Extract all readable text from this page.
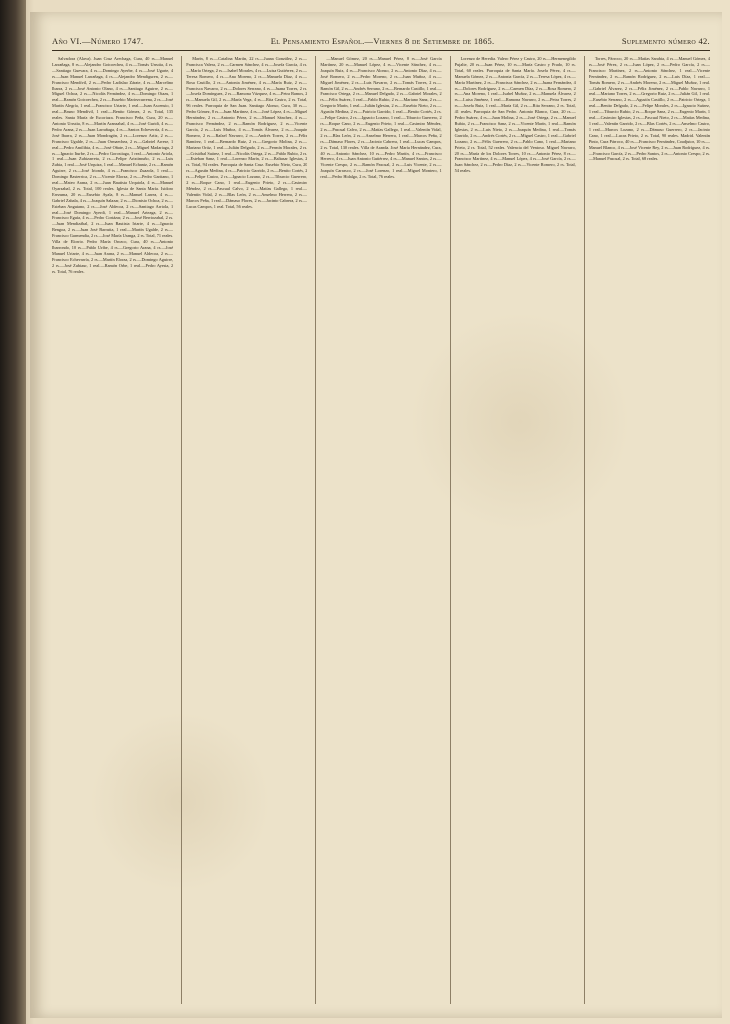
Año VI.—Número 1747.	El Pensamiento Español.—Viernes 8 de Setiembre de 1865.	Suplemento número 42.

Salvadora (Alava). Juan Cruz Arechaga, Cura, 40 rs.—Manuel Larrañaga, 8 rs.—Alejandro Goicoechea, 4 rs.—Tomás Urrutia, 4 rs.—Santiago Guevara, 4 rs.—Domingo Ayerbe, 4 rs.—José Ugarte, 4 rs.—Juan Manuel Larrañaga, 4 rs.—Alejandro Mendiguren, 2 rs.—Francisco Mendívil, 2 rs.—Pedro Ladislao Zárate, 4 rs.—Marcelino Ibarra, 2 rs.—José Antonio Olano, 4 rs.—Santiago Aguirre, 2 rs.—Miguel Ochoa, 2 rs.—Nicolás Fernández, 4 rs.—Domingo Otazu, 1 real.—Ramón Goicoechea, 2 rs.—Eusebio Mariezcurrena, 2 rs.—José Martín Alegría, 1 real.—Francisco Uriarte, 1 real.—Juan Ascensio, 1 real.—Bruno Mendívil, 1 real.—Benito Gómez, 2 rs. Total, 135 reales. Santa María de Escoriaza. Francisco Peña, Cura, 20 rs.—Antonio Urrutia, 8 rs.—Martín Aranzabal, 4 rs.—José Guridi, 4 rs.—Pedro Arana, 2 rs.—Juan Larrañaga, 4 rs.—Santos Echeverría, 4 rs.—José Ibarra, 2 rs.—Juan Mondragón, 2 rs.—Lorenzo Artiz, 2 rs.—Francisco Ugalde, 2 rs.—Juan Ormaechea, 2 rs.—Gabriel Arrese, 1 real.—Pedro Amilibia, 4 rs.—José Oñate, 2 rs.—Miguel Madariaga, 2 rs.—Ignacio Iturbe, 2 rs.—Pedro Gorostiaga, 1 real.—Antonio Artola, 1 real.—Juan Zubizarreta, 2 rs.—Felipe Ariztimuño, 2 rs.—Luis Zubia, 1 real.—José Urquiza, 1 real.—Manuel Echaniz, 2 rs.—Ramón Aguirre, 2 rs.—José Iriondo, 4 rs.—Francisco Zuazola, 1 real.—Domingo Basterrica, 2 rs.—Vicente Elorza, 2 rs.—Pedro Garitano, 1 real.—Mateo Arana, 2 rs.—Juan Bautista Urquiola, 4 rs.—Manuel Oyarzabal, 2 rs. Total, 100 reales. Iglesia de Santa María. Isidoro Erezuma, 20 rs.—Eusebio Ayala, 8 rs.—Manuel Larrea, 4 rs.—Gabriel Zabala, 4 rs.—Joaquín Salazar, 2 rs.—Dionisio Ochoa, 2 rs.—Esteban Anguiano, 2 rs.—José Aldecoa, 2 rs.—Santiago Arriola, 1 real.—José Domingo Ayerdi, 1 real.—Manuel Arteaga, 2 rs.—Francisco Eguía, 4 rs.—Pedro Cortázar, 2 rs.—José Berriozabal, 2 rs.—Juan Mendizábal, 2 rs.—Juan Bautista Iriarte, 4 rs.—Ignacio Bengoa, 2 rs.—Juan José Barrutia, 1 real.—Martín Ugalde, 2 rs.—Francisco Garmendia, 2 rs.—José María Uranga, 2 rs. Total, 71 reales. Villa de Elorrio. Pedro María Orozco, Cura, 40 rs.—Antonio Ibarrondo, 10 rs.—Pablo Uribe, 4 rs.—Gregorio Arana, 4 rs.—José Manuel Uriarte, 4 rs.—Juan Arana, 2 rs.—Manuel Aldecoa, 2 rs.—Francisco Echevarría, 2 rs.—Martín Elorza, 2 rs.—Domingo Aguirre, 2 rs.—José Zubiaur, 1 real.—Ramón Orbe, 1 real.—Pedro Ayesta, 2 rs. Total, 76 reales.

Marín, 8 rs.—Catalina Martín, 22 rs.—Juana González, 2 rs.—Francisca Valera, 2 rs.—Carmen Sánchez, 4 rs.—Josefa García, 4 rs.—María Ortega, 2 rs.—Isabel Morales, 4 rs.—Luisa Gutiérrez, 2 rs.—Teresa Romero, 4 rs.—Ana Moreno, 2 rs.—Manuela Díaz, 4 rs.—Rosa Castillo, 2 rs.—Antonia Jiménez, 4 rs.—María Ruiz, 2 rs.—Francisca Navarro, 2 rs.—Dolores Serrano, 4 rs.—Juana Torres, 2 rs.—Josefa Domínguez, 2 rs.—Ramona Vázquez, 4 rs.—Petra Ramos, 2 rs.—Manuela Gil, 2 rs.—María Vega, 4 rs.—Rita Castro, 2 rs. Total, 96 reales. Parroquia de San Juan. Santiago Alonso, Cura, 30 rs.—Pedro Gómez, 8 rs.—Juan Martínez, 4 rs.—José López, 4 rs.—Miguel Hernández, 2 rs.—Antonio Pérez, 2 rs.—Manuel Sánchez, 4 rs.—Francisco Fernández, 2 rs.—Ramón Rodríguez, 2 rs.—Vicente García, 2 rs.—Luis Muñoz, 4 rs.—Tomás Álvarez, 2 rs.—Joaquín Romero, 2 rs.—Rafael Navarro, 2 rs.—Andrés Torres, 2 rs.—Félix Ramírez, 1 real.—Bernardo Ruiz, 2 rs.—Gregorio Molina, 2 rs.—Mariano Ortiz, 1 real.—Julián Delgado, 2 rs.—Fermín Morales, 2 rs.—Cristóbal Suárez, 1 real.—Nicolás Ortega, 2 rs.—Pablo Rubio, 2 rs.—Esteban Sanz, 1 real.—Lorenzo Marín, 2 rs.—Baltasar Iglesias, 2 rs. Total, 94 reales. Parroquia de Santa Cruz. Eusebio Nieto, Cura, 20 rs.—Agustín Medina, 4 rs.—Patricio Garrido, 2 rs.—Benito Cortés, 2 rs.—Felipe Castro, 2 rs.—Ignacio Lozano, 2 rs.—Tiburcio Guerrero, 2 rs.—Roque Cano, 1 real.—Eugenio Prieto, 2 rs.—Casimiro Méndez, 2 rs.—Pascual Calvo, 2 rs.—Matías Gallego, 1 real.—Valentín Vidal, 2 rs.—Blas León, 2 rs.—Anselmo Herrera, 2 rs.—Marcos Peña, 1 real.—Dámaso Flores, 2 rs.—Jacinto Cabrera, 2 rs.—Lucas Campos, 1 real. Total, 56 reales.

—Manuel Gómez, 20 rs.—Manuel Pérez, 8 rs.—José García Martínez, 20 rs.—Manuel López, 4 rs.—Vicente Sánchez, 4 rs.—Joaquín Ruiz, 4 rs.—Francisco Alonso, 2 rs.—Antonio Díaz, 4 rs.—José Romero, 2 rs.—Pedro Moreno, 2 rs.—Juan Muñoz, 4 rs.—Miguel Jiménez, 2 rs.—Luis Navarro, 2 rs.—Tomás Torres, 2 rs.—Ramón Gil, 2 rs.—Andrés Serrano, 2 rs.—Bernardo Castillo, 1 real.—Francisco Ortega, 2 rs.—Manuel Delgado, 2 rs.—Gabriel Morales, 2 rs.—Félix Suárez, 1 real.—Pablo Rubio, 2 rs.—Mariano Sanz, 2 rs.—Gregorio Marín, 1 real.—Julián Iglesias, 2 rs.—Eusebio Nieto, 2 rs.—Agustín Medina, 2 rs.—Patricio Garrido, 1 real.—Benito Cortés, 2 rs.—Felipe Castro, 2 rs.—Ignacio Lozano, 1 real.—Tiburcio Guerrero, 2 rs.—Roque Cano, 2 rs.—Eugenio Prieto, 1 real.—Casimiro Méndez, 2 rs.—Pascual Calvo, 2 rs.—Matías Gallego, 1 real.—Valentín Vidal, 2 rs.—Blas León, 2 rs.—Anselmo Herrera, 1 real.—Marcos Peña, 2 rs.—Dámaso Flores, 2 rs.—Jacinto Cabrera, 1 real.—Lucas Campos, 2 rs. Total, 130 reales. Villa de Aranda. José María Hernández, Cura, 40 rs.—Antonio Sánchez, 10 rs.—Pedro Martín, 4 rs.—Francisco Herrero, 4 rs.—Juan Antonio Gutiérrez, 4 rs.—Manuel Santos, 2 rs.—Vicente Crespo, 2 rs.—Ramón Pascual, 2 rs.—Luis Vicente, 2 rs.—Joaquín Carrasco, 2 rs.—José Lorenzo, 1 real.—Miguel Montero, 1 real.—Pedro Hidalgo, 2 rs. Total, 76 reales.

Lorenzo de Heredia. Valero Pérez y Castro, 20 rs.—Hermenegildo Pujalte, 20 rs.—Juan Pérez, 10 rs.—María Castro y Prado, 10 rs. Total, 60 reales. Parroquia de Santa María. Josefa Pérez, 4 rs.—Manuela Gómez, 2 rs.—Antonia García, 2 rs.—Teresa López, 4 rs.—María Martínez, 2 rs.—Francisca Sánchez, 2 rs.—Juana Fernández, 4 rs.—Dolores Rodríguez, 2 rs.—Carmen Díaz, 2 rs.—Rosa Romero, 2 rs.—Ana Moreno, 1 real.—Isabel Muñoz, 2 rs.—Manuela Álvarez, 2 rs.—Luisa Jiménez, 1 real.—Ramona Navarro, 2 rs.—Petra Torres, 2 rs.—Josefa Ruiz, 1 real.—María Gil, 2 rs.—Rita Serrano, 2 rs. Total, 41 reales. Parroquia de San Pedro. Antonio Blanco, Cura, 20 rs.—Pedro Suárez, 4 rs.—Juan Molina, 2 rs.—José Ortega, 2 rs.—Manuel Rubio, 2 rs.—Francisco Sanz, 2 rs.—Vicente Marín, 1 real.—Ramón Iglesias, 2 rs.—Luis Nieto, 2 rs.—Joaquín Medina, 1 real.—Tomás Garrido, 2 rs.—Andrés Cortés, 2 rs.—Miguel Castro, 1 real.—Gabriel Lozano, 2 rs.—Félix Guerrero, 2 rs.—Pablo Cano, 1 real.—Mariano Prieto, 2 rs. Total, 52 reales. Valencia del Ventoso. Miguel Navarro, 20 rs.—María de los Dolores Torres, 10 rs.—Antonio Pérez, 8 rs.—Francisco Martínez, 4 rs.—Manuel López, 4 rs.—José García, 2 rs.—Juan Sánchez, 2 rs.—Pedro Díaz, 2 rs.—Vicente Romero, 2 rs. Total, 54 reales.

Torres, Párroco, 20 rs.—Matías Sarabia, 4 rs.—Manuel Gómez, 4 rs.—José Pérez, 2 rs.—Juan López, 2 rs.—Pedro García, 2 rs.—Francisco Martínez, 2 rs.—Antonio Sánchez, 1 real.—Vicente Fernández, 2 rs.—Ramón Rodríguez, 2 rs.—Luis Díaz, 1 real.—Tomás Romero, 2 rs.—Andrés Moreno, 2 rs.—Miguel Muñoz, 1 real.—Gabriel Álvarez, 2 rs.—Félix Jiménez, 2 rs.—Pablo Navarro, 1 real.—Mariano Torres, 2 rs.—Gregorio Ruiz, 2 rs.—Julián Gil, 1 real.—Eusebio Serrano, 2 rs.—Agustín Castillo, 2 rs.—Patricio Ortega, 1 real.—Benito Delgado, 2 rs.—Felipe Morales, 2 rs.—Ignacio Suárez, 1 real.—Tiburcio Rubio, 2 rs.—Roque Sanz, 2 rs.—Eugenio Marín, 1 real.—Casimiro Iglesias, 2 rs.—Pascual Nieto, 2 rs.—Matías Medina, 1 real.—Valentín Garrido, 2 rs.—Blas Cortés, 2 rs.—Anselmo Castro, 1 real.—Marcos Lozano, 2 rs.—Dámaso Guerrero, 2 rs.—Jacinto Cano, 1 real.—Lucas Prieto, 2 rs. Total, 90 reales. Madrid. Valentín Pinto, Cura Párroco, 40 rs.—Francisco Fernández, Coadjutor, 10 rs.—Manuel Blanco, 4 rs.—José Vicente Rey, 2 rs.—Juan Rodríguez, 4 rs.—Francisco García, 2 rs.—Pedro Santos, 2 rs.—Antonio Crespo, 2 rs.—Manuel Pascual, 2 rs. Total, 68 reales.
